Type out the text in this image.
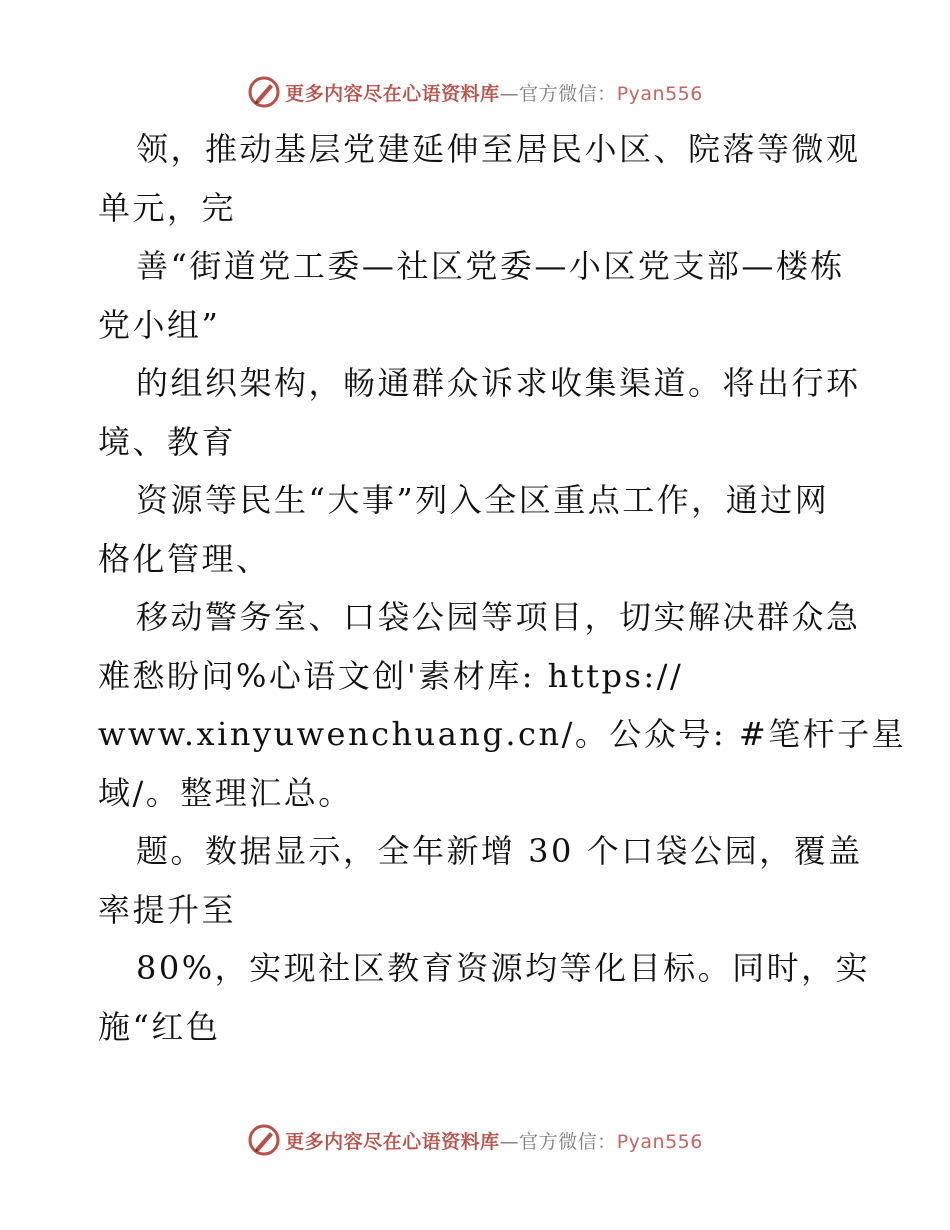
更多内容尽在心语资料库—官方微信：Pyan556
领，推动基层党建延伸至居民小区、院落等微观
单元，完
善“街道党工委—社区党委—小区党支部—楼栋
党小组”
的组织架构，畅通群众诉求收集渠道。将出行环
境、教育
资源等民生“大事”列入全区重点工作，通过网
格化管理、
移动警务室、口袋公园等项目，切实解决群众急
难愁盼问%心语文创'素材库: https://
www.xinyuwenchuang.cn/。公众号: #笔杆子星
域/。整理汇总。
题。数据显示，全年新增 30 个口袋公园，覆盖
率提升至
80%，实现社区教育资源均等化目标。同时，实
施“红色
更多内容尽在心语资料库—官方微信：Pyan556
